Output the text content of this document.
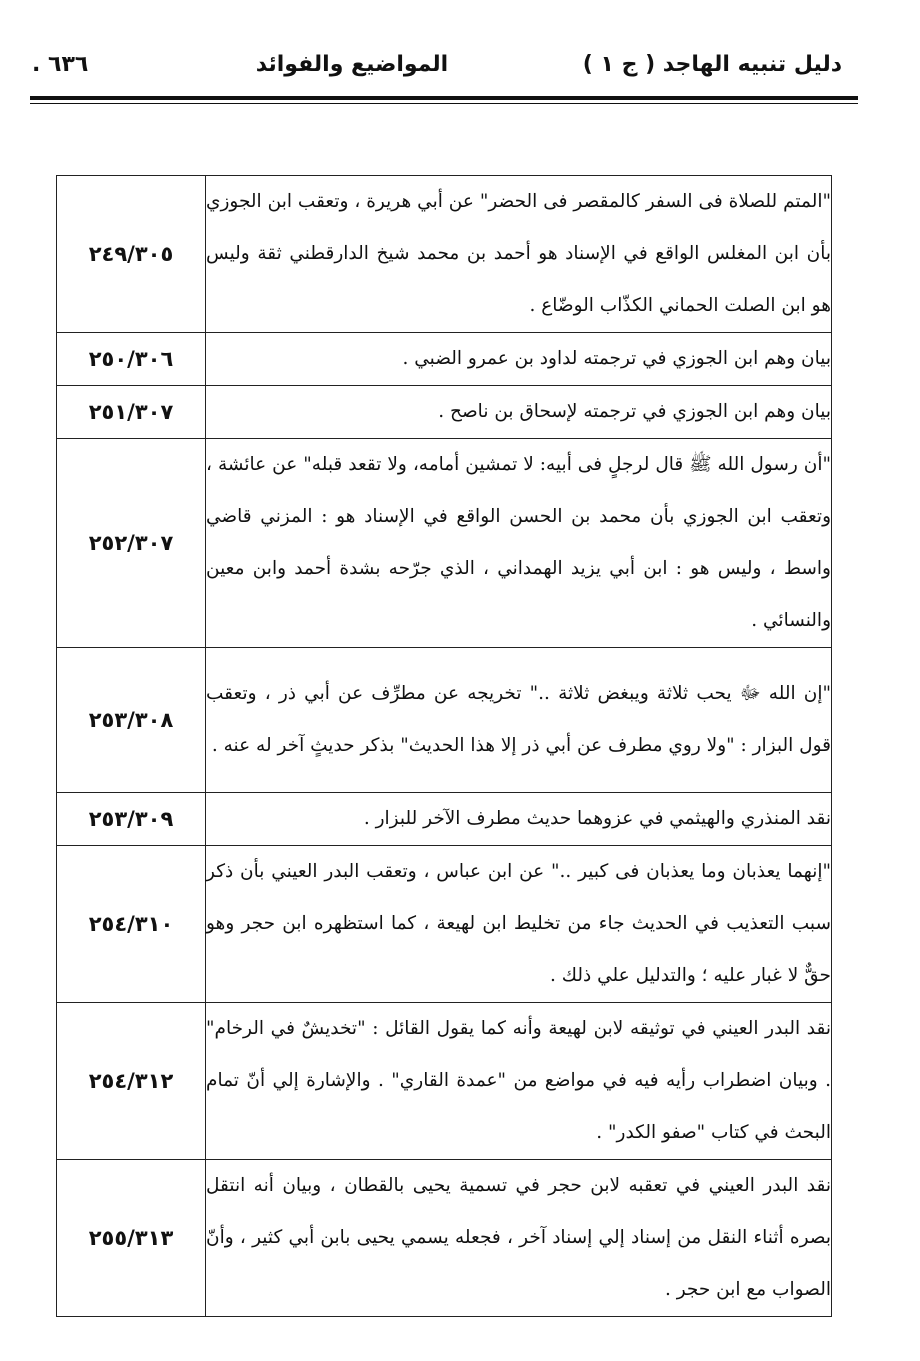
دليل تنبيه الهاجد ( ج ١ )
المواضيع والفوائد
٦٣٦ .
٢٤٩/٣٠٥	"المتم للصلاة فى السفر كالمقصر فى الحضر" عن أبي هريرة ، وتعقب ابن الجوزي بأن ابن المغلس الواقع في الإسناد هو أحمد بن محمد شيخ الدارقطني ثقة وليس هو ابن الصلت الحماني الكذّاب الوضّاع .
٢٥٠/٣٠٦	بيان وهم ابن الجوزي في ترجمته لداود بن عمرو الضبي .
٢٥١/٣٠٧	بيان وهم ابن الجوزي في ترجمته لإسحاق بن ناصح .
٢٥٢/٣٠٧	"أن رسول الله ﷺ قال لرجلٍ فى أبيه: لا تمشين أمامه، ولا تقعد قبله" عن عائشة ، وتعقب ابن الجوزي بأن محمد بن الحسن الواقع في الإسناد هو : المزني قاضي واسط ، وليس هو : ابن أبي يزيد الهمداني ، الذي جرّحه بشدة أحمد وابن معين والنسائي .
٢٥٣/٣٠٨	"إن الله ﷻ يحب ثلاثة ويبغض ثلاثة .." تخريجه عن مطرِّف عن أبي ذر ، وتعقب قول البزار : "ولا روي مطرف عن أبي ذر إلا هذا الحديث" بذكر حديثٍ آخر له عنه .
٢٥٣/٣٠٩	نقد المنذري والهيثمي في عزوهما حديث مطرف الآخر للبزار .
٢٥٤/٣١٠	"إنهما يعذبان وما يعذبان فى كبير .." عن ابن عباس ، وتعقب البدر العيني بأن ذكر سبب التعذيب في الحديث جاء من تخليط ابن لهيعة ، كما استظهره ابن حجر وهو حقٌّ لا غبار عليه ؛ والتدليل علي ذلك .
٢٥٤/٣١٢	نقد البدر العيني في توثيقه لابن لهيعة وأنه كما يقول القائل : "تخديشٌ في الرخام" . وبيان اضطراب رأيه فيه في مواضع من "عمدة القاري" . والإشارة إلي أنّ تمام البحث في كتاب "صفو الكدر" .
٢٥٥/٣١٣	نقد البدر العيني في تعقبه لابن حجر في تسمية يحيى بالقطان ، وبيان أنه انتقل بصره أثناء النقل من إسناد إلي إسناد آخر ، فجعله يسمي يحيى بابن أبي كثير ، وأنّ الصواب مع ابن حجر .
